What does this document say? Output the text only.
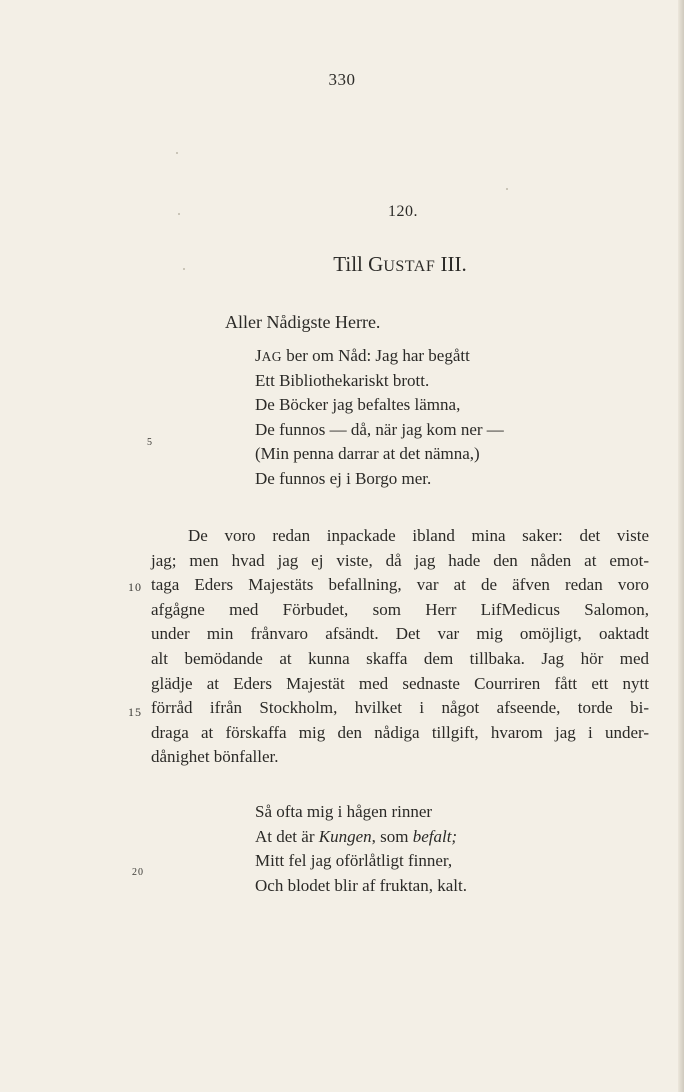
330
120.
Till GUSTAF III.
Aller Nådigste Herre.
JAG ber om Nåd: Jag har begått
Ett Bibliothekariskt brott.
De Böcker jag befaltes lämna,
De funnos — då, när jag kom ner —
(Min penna darrar at det nämna,)
De funnos ej i Borgo mer.
5
De voro redan inpackade ibland mina saker: det viste
jag; men hvad jag ej viste, då jag hade den nåden at emot-
taga Eders Majestäts befallning, var at de äfven redan voro
afgågne med Förbudet, som Herr LifMedicus Salomon,
under min frånvaro afsändt. Det var mig omöjligt, oaktadt
alt bemödande at kunna skaffa dem tillbaka. Jag hör med
glädje at Eders Majestät med sednaste Courriren fått ett nytt
förråd ifrån Stockholm, hvilket i något afseende, torde bi-
draga at förskaffa mig den nådiga tillgift, hvarom jag i under-
dånighet bönfaller.
10
15
Så ofta mig i hågen rinner
At det är Kungen, som befalt;
Mitt fel jag oförlåtligt finner,
Och blodet blir af fruktan, kalt.
20
